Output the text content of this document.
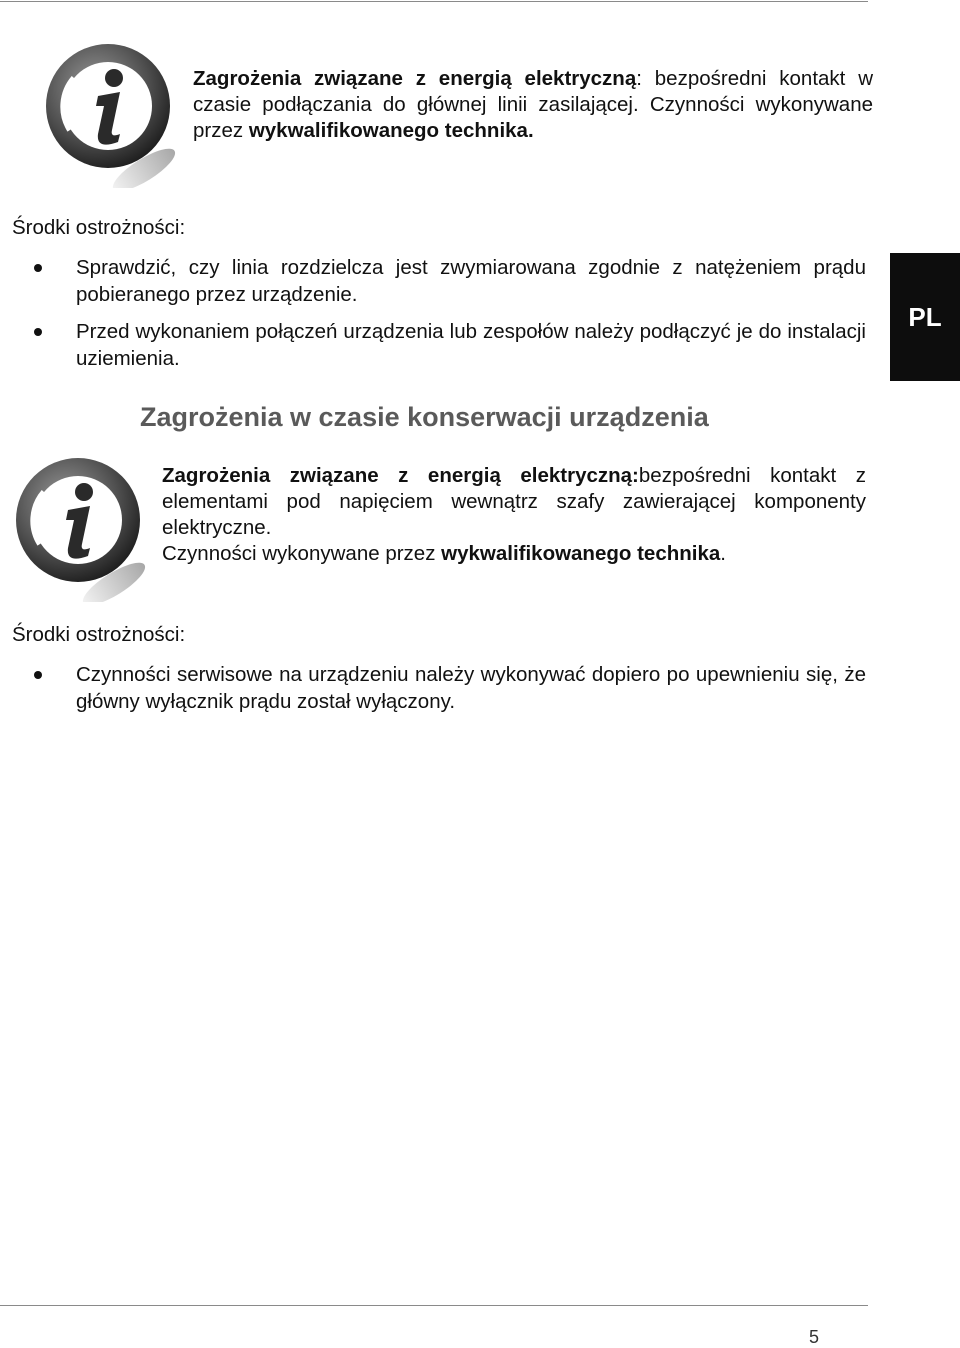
Zagrożenia związane z energią elektryczną: bezpośredni kontakt w czasie podłączania do głównej linii zasilającej. Czynności wykonywane przez wykwalifikowanego technika.
Środki ostrożności:
Sprawdzić, czy linia rozdzielcza jest zwymiarowana zgodnie z natężeniem prądu pobieranego przez urządzenie.
Przed wykonaniem połączeń urządzenia lub zespołów należy podłączyć je do instalacji uziemienia.
PL
Zagrożenia w czasie konserwacji urządzenia
Zagrożenia związane z energią elektryczną:bezpośredni kontakt z elementami pod napięciem wewnątrz szafy zawierającej komponenty elektryczne.
Czynności wykonywane przez wykwalifikowanego technika.
Środki ostrożności:
Czynności serwisowe na urządzeniu należy wykonywać dopiero po upewnieniu się, że główny wyłącznik prądu został wyłączony.
5
